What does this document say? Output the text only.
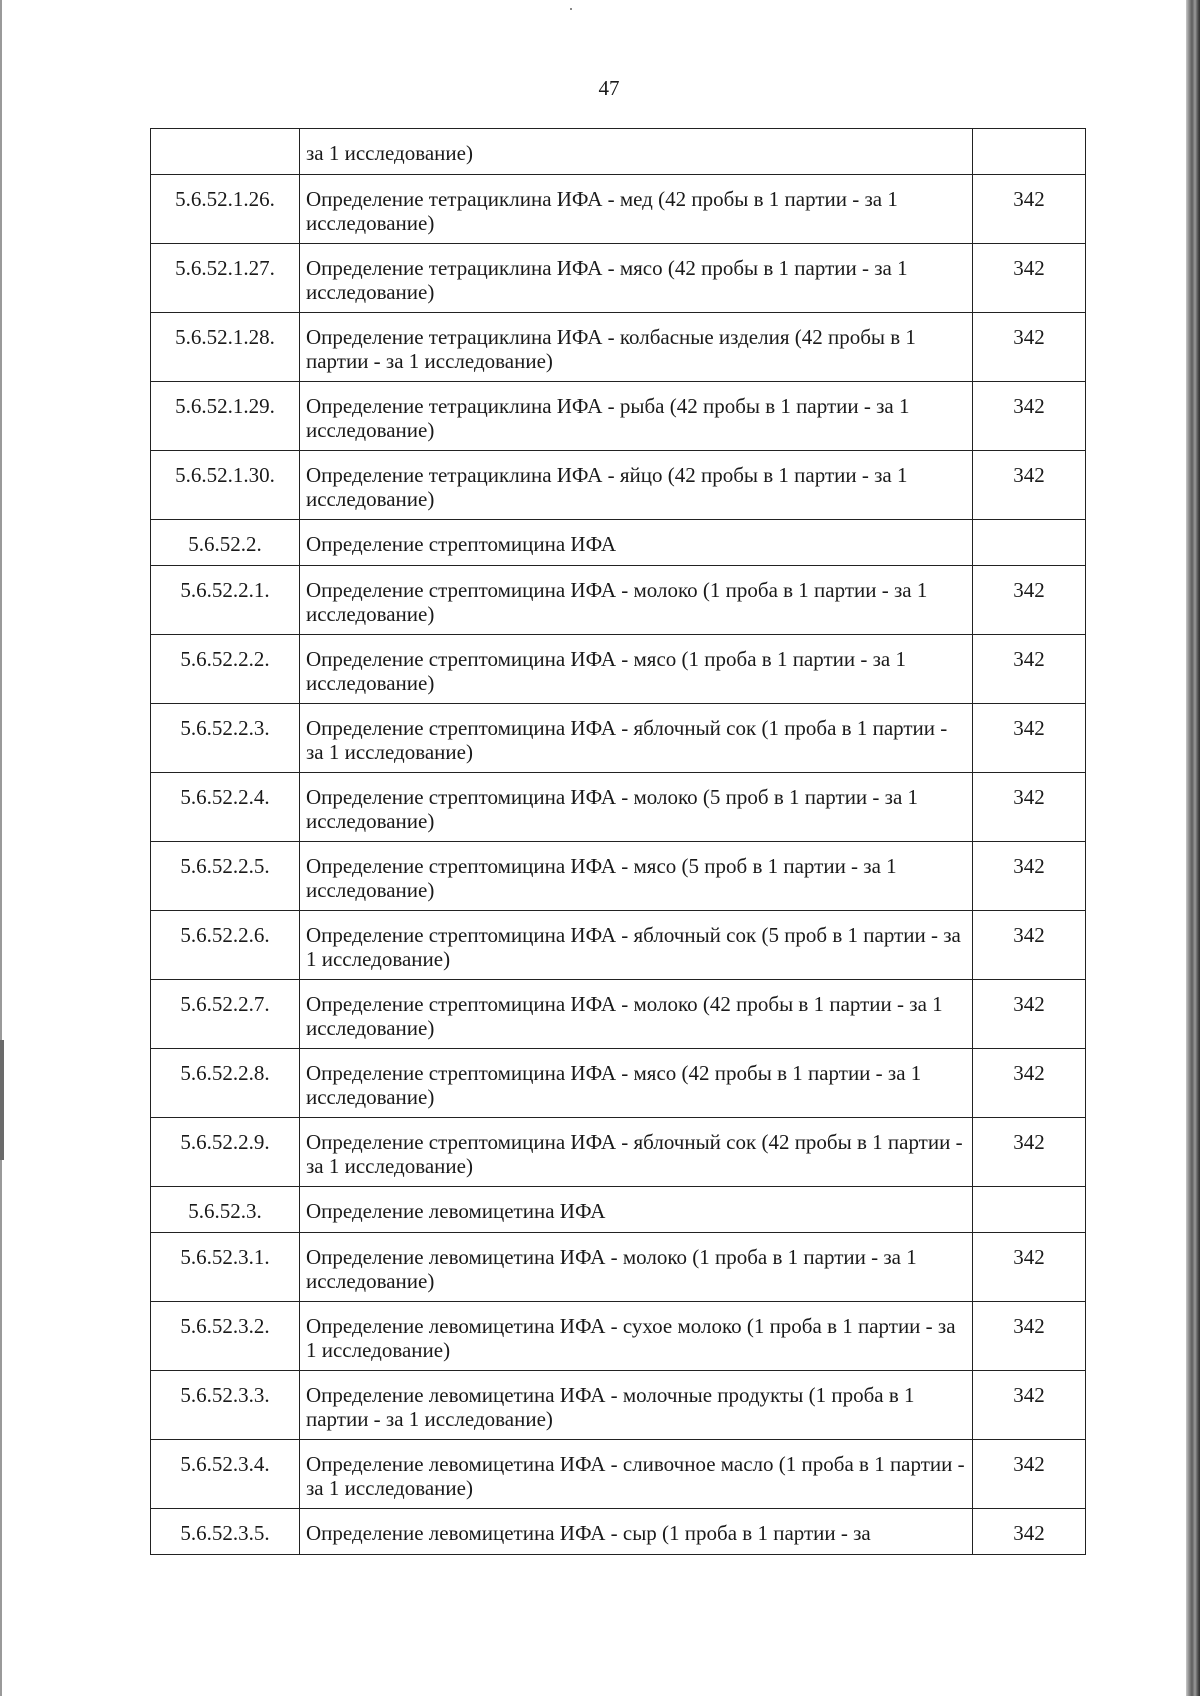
47
	за 1 исследование)	
5.6.52.1.26.	Определение тетрациклина ИФА - мед (42 пробы в 1 партии - за 1 исследование)	342
5.6.52.1.27.	Определение тетрациклина ИФА - мясо (42 пробы в 1 партии - за 1 исследование)	342
5.6.52.1.28.	Определение тетрациклина ИФА - колбасные изделия (42 пробы в 1 партии - за 1 исследование)	342
5.6.52.1.29.	Определение тетрациклина ИФА - рыба (42 пробы в 1 партии - за 1 исследование)	342
5.6.52.1.30.	Определение тетрациклина ИФА - яйцо (42 пробы в 1 партии - за 1 исследование)	342
5.6.52.2.	Определение стрептомицина ИФА	
5.6.52.2.1.	Определение стрептомицина ИФА - молоко (1 проба в 1 партии - за 1 исследование)	342
5.6.52.2.2.	Определение стрептомицина ИФА - мясо (1 проба в 1 партии - за 1 исследование)	342
5.6.52.2.3.	Определение стрептомицина ИФА - яблочный сок (1 проба в 1 партии - за 1 исследование)	342
5.6.52.2.4.	Определение стрептомицина ИФА - молоко (5 проб в 1 партии - за 1 исследование)	342
5.6.52.2.5.	Определение стрептомицина ИФА - мясо (5 проб в 1 партии - за 1 исследование)	342
5.6.52.2.6.	Определение стрептомицина ИФА - яблочный сок (5 проб в 1 партии - за 1 исследование)	342
5.6.52.2.7.	Определение стрептомицина ИФА - молоко (42 пробы в 1 партии - за 1 исследование)	342
5.6.52.2.8.	Определение стрептомицина ИФА - мясо (42 пробы в 1 партии - за 1 исследование)	342
5.6.52.2.9.	Определение стрептомицина ИФА - яблочный сок (42 пробы в 1 партии - за 1 исследование)	342
5.6.52.3.	Определение левомицетина ИФА	
5.6.52.3.1.	Определение левомицетина ИФА - молоко (1 проба в 1 партии - за 1 исследование)	342
5.6.52.3.2.	Определение левомицетина ИФА - сухое молоко (1 проба в 1 партии - за 1 исследование)	342
5.6.52.3.3.	Определение левомицетина ИФА - молочные продукты (1 проба в 1 партии - за 1 исследование)	342
5.6.52.3.4.	Определение левомицетина ИФА - сливочное масло (1 проба в 1 партии - за 1 исследование)	342
5.6.52.3.5.	Определение левомицетина ИФА - сыр (1 проба в 1 партии - за	342
